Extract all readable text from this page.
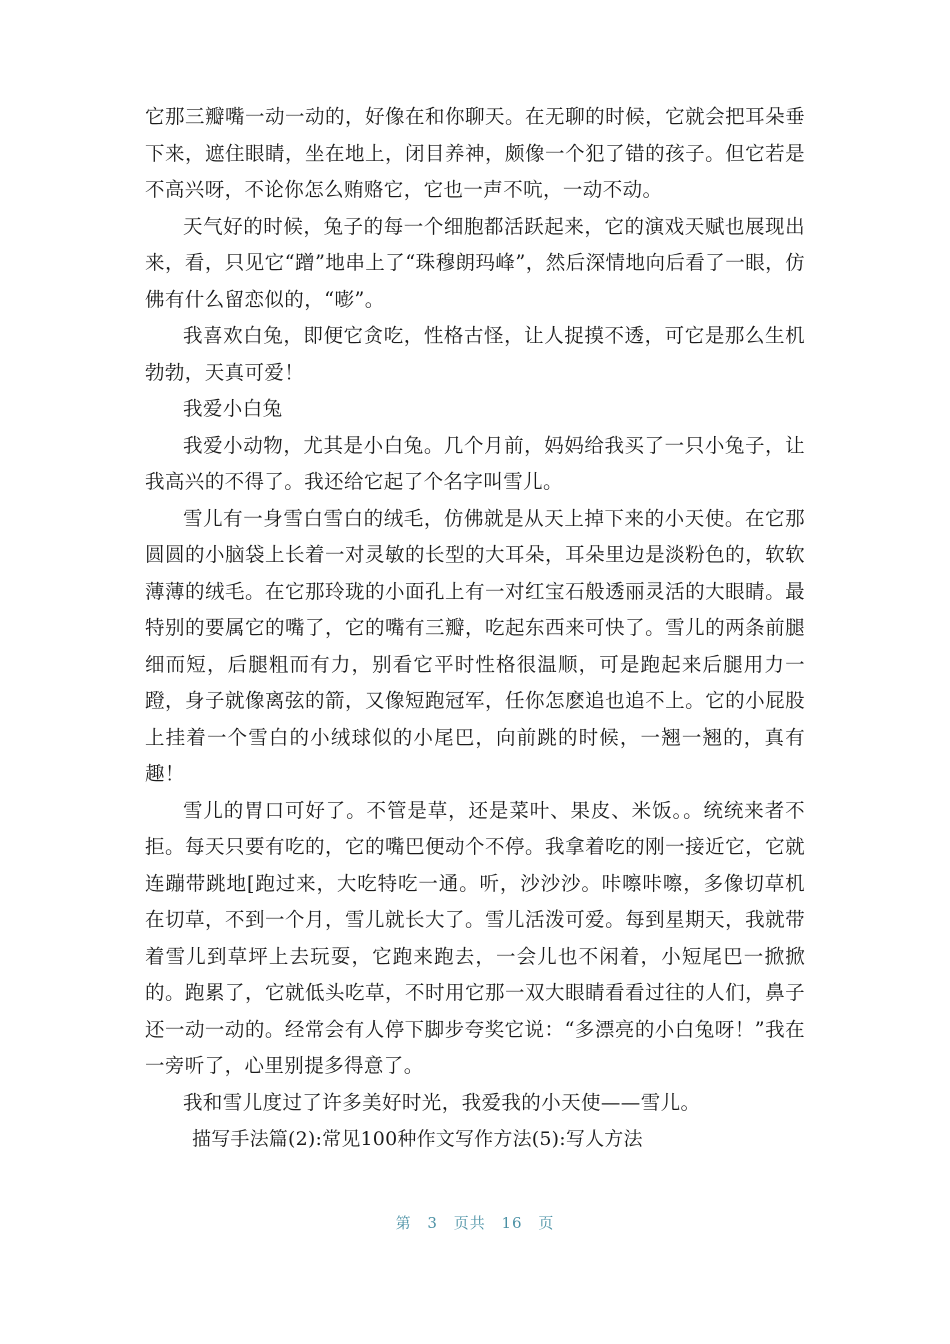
它那三瓣嘴一动一动的，好像在和你聊天。在无聊的时候，它就会把耳朵垂下来，遮住眼睛，坐在地上，闭目养神，颇像一个犯了错的孩子。但它若是不高兴呀，不论你怎么贿赂它，它也一声不吭，一动不动。

天气好的时候，兔子的每一个细胞都活跃起来，它的演戏天赋也展现出来，看，只见它“蹭”地串上了“珠穆朗玛峰”，然后深情地向后看了一眼，仿佛有什么留恋似的，“嘭”。

我喜欢白兔，即便它贪吃，性格古怪，让人捉摸不透，可它是那么生机勃勃，天真可爱！

我爱小白兔

我爱小动物，尤其是小白兔。几个月前，妈妈给我买了一只小兔子，让我高兴的不得了。我还给它起了个名字叫雪儿。

雪儿有一身雪白雪白的绒毛，仿佛就是从天上掉下来的小天使。在它那圆圆的小脑袋上长着一对灵敏的长型的大耳朵，耳朵里边是淡粉色的，软软薄薄的绒毛。在它那玲珑的小面孔上有一对红宝石般透丽灵活的大眼睛。最特别的要属它的嘴了，它的嘴有三瓣，吃起东西来可快了。雪儿的两条前腿细而短，后腿粗而有力，别看它平时性格很温顺，可是跑起来后腿用力一蹬，身子就像离弦的箭，又像短跑冠军，任你怎麽追也追不上。它的小屁股上挂着一个雪白的小绒球似的小尾巴，向前跳的时候，一翘一翘的，真有趣！

雪儿的胃口可好了。不管是草，还是菜叶、果皮、米饭。。统统来者不拒。每天只要有吃的，它的嘴巴便动个不停。我拿着吃的刚一接近它，它就连蹦带跳地[跑过来，大吃特吃一通。听，沙沙沙。咔嚓咔嚓，多像切草机在切草，不到一个月，雪儿就长大了。雪儿活泼可爱。每到星期天，我就带着雪儿到草坪上去玩耍，它跑来跑去，一会儿也不闲着，小短尾巴一掀掀的。跑累了，它就低头吃草，不时用它那一双大眼睛看看过往的人们，鼻子还一动一动的。经常会有人停下脚步夸奖它说：“多漂亮的小白兔呀！”我在一旁听了，心里别提多得意了。

我和雪儿度过了许多美好时光，我爱我的小天使——雪儿。

描写手法篇(2):常见100种作文写作方法(5):写人方法

第 3 页共 16 页
